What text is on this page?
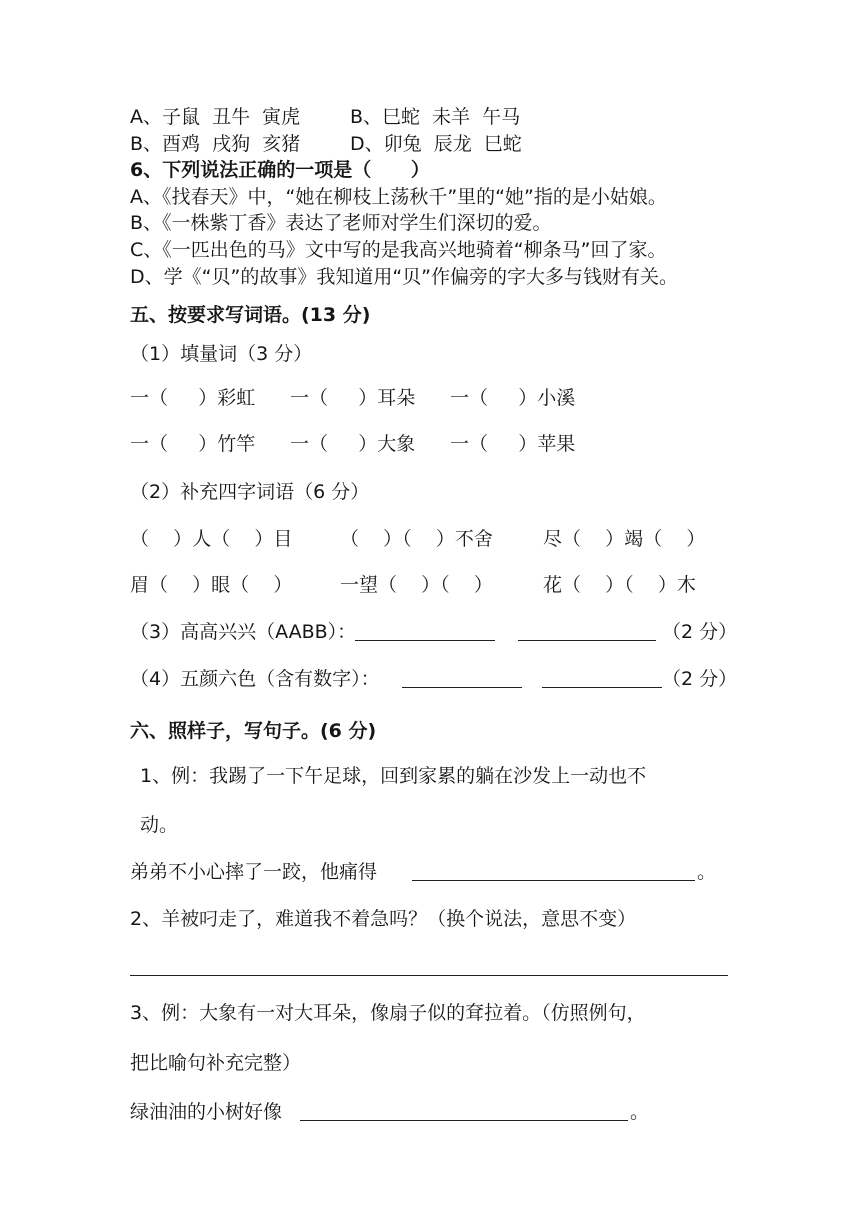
A、子鼠  丑牛  寅虎	B、巳蛇  未羊  午马
B、酉鸡  戌狗  亥猪	D、卯兔  辰龙  巳蛇
6、下列说法正确的一项是（      ）
A、《找春天》中，“她在柳枝上荡秋千”里的“她”指的是小姑娘。
B、《一株紫丁香》表达了老师对学生们深切的爱。
C、《一匹出色的马》文中写的是我高兴地骑着“柳条马”回了家。
D、学《“贝”的故事》我知道用“贝”作偏旁的字大多与钱财有关。
五、按要求写词语。(13 分)
（1）填量词（3 分）
一（     ）彩虹 一（     ）耳朵 一（     ）小溪
一（     ）竹竿 一（     ）大象 一（     ）苹果
（2）补充四字词语（6 分）
（    ）人（    ）目	（    ）（    ）不舍	尽（    ）竭（    ）
眉（    ）眼（    ）	一望（    ）（    ）	花（    ）（    ）木
（3）高高兴兴（AABB）：	（2 分）
（4）五颜六色（含有数字）：	（2 分）
六、照样子，写句子。(6 分)
1、例：我踢了一下午足球，回到家累的躺在沙发上一动也不
动。
弟弟不小心摔了一跤，他痛得	。
2、羊被叼走了，难道我不着急吗？（换个说法，意思不变）
3、例：大象有一对大耳朵，像扇子似的耷拉着。（仿照例句，
把比喻句补充完整）
绿油油的小树好像	。
